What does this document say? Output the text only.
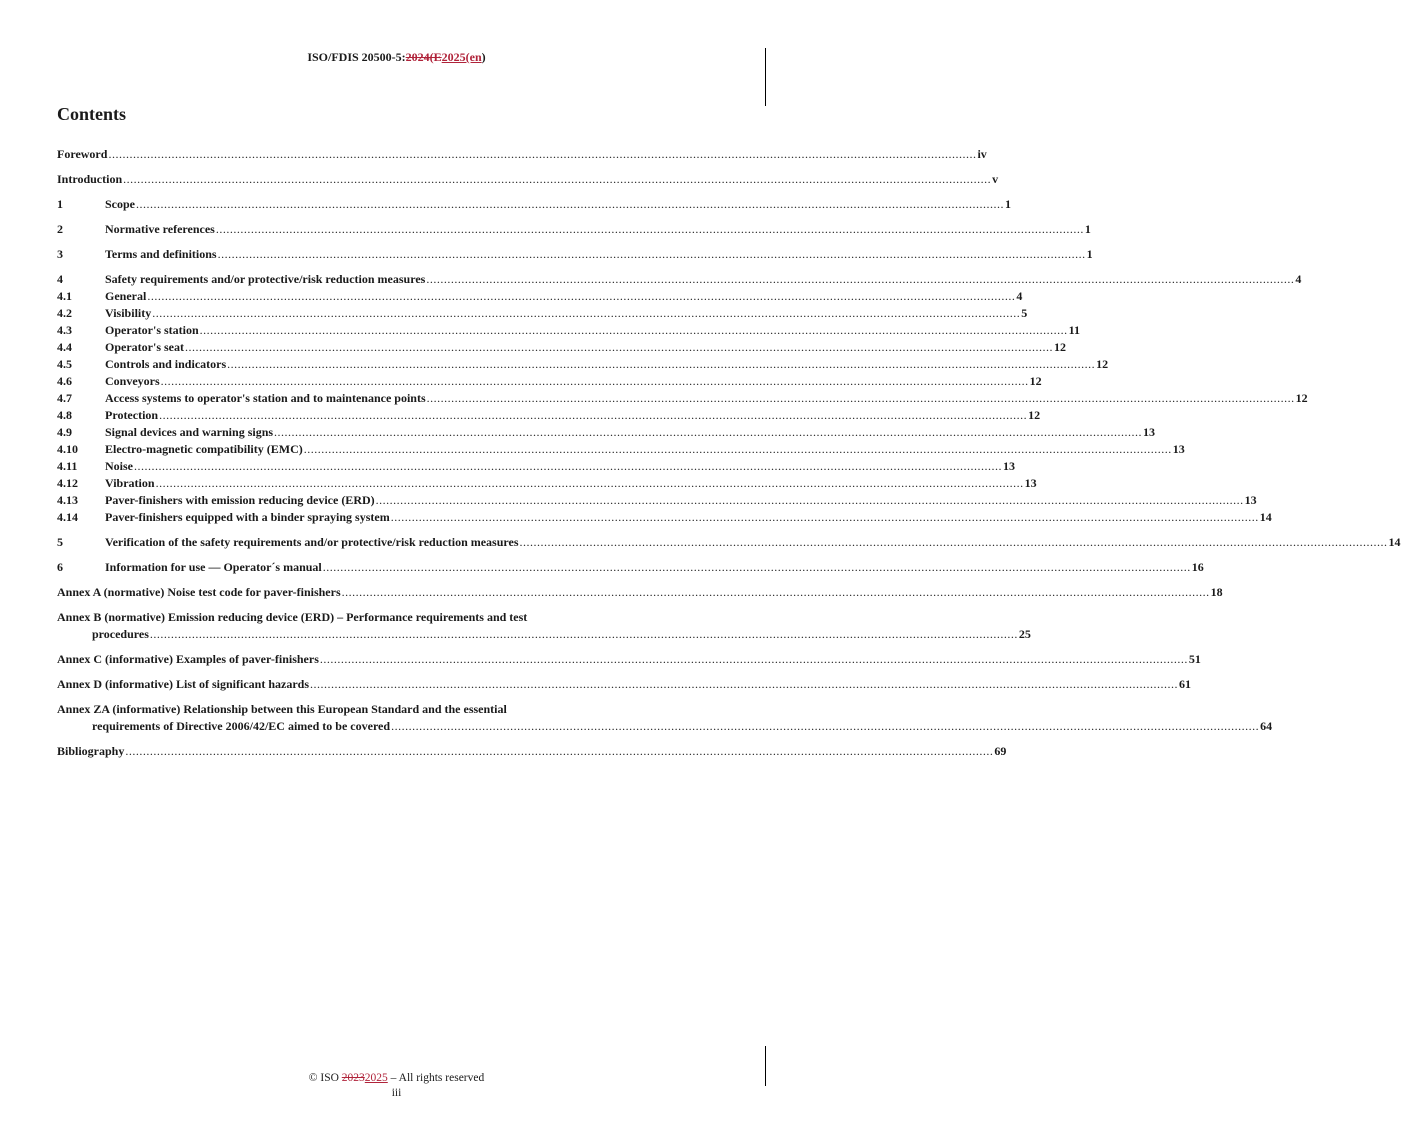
ISO/FDIS 20500-5:2024(E2025(en)
Contents
Foreword .....	iv
Introduction .....	v
1	Scope .....	1
2	Normative references .....	1
3	Terms and definitions .....	1
4	Safety requirements and/or protective/risk reduction measures .....	4
4.1	General .....	4
4.2	Visibility .....	5
4.3	Operator's station .....	11
4.4	Operator's seat .....	12
4.5	Controls and indicators .....	12
4.6	Conveyors .....	12
4.7	Access systems to operator's station and to maintenance points .....	12
4.8	Protection .....	12
4.9	Signal devices and warning signs .....	13
4.10	Electro-magnetic compatibility (EMC) .....	13
4.11	Noise .....	13
4.12	Vibration .....	13
4.13	Paver-finishers with emission reducing device (ERD) .....	13
4.14	Paver-finishers equipped with a binder spraying system .....	14
5	Verification of the safety requirements and/or protective/risk reduction measures .....	14
6	Information for use — Operator´s manual .....	16
Annex A (normative) Noise test code for paver-finishers .....	18
Annex B (normative) Emission reducing device (ERD) – Performance requirements and test
procedures .....	25
Annex C (informative) Examples of paver-finishers .....	51
Annex D (informative) List of significant hazards .....	61
Annex ZA (informative) Relationship between this European Standard and the essential
requirements of Directive 2006/42/EC aimed to be covered .....	64
Bibliography .....	69
© ISO 20232025 – All rights reserved
iii
